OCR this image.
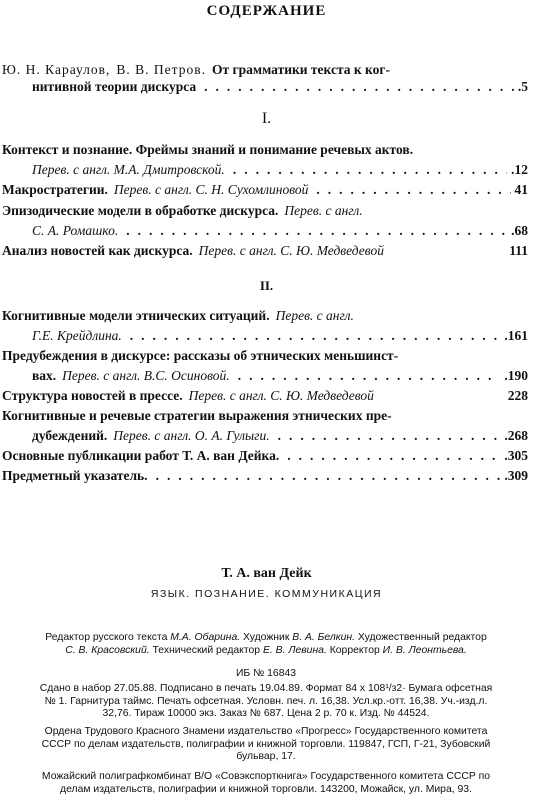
СОДЕРЖАНИЕ
Ю. Н. Караулов, В. В. Петров. От грамматики текста к ког-
нитивной теории дискурса .....	.5
I.
Контекст и познание. Фреймы знаний и понимание речевых актов.
Перев. с англ. М.А. Дмитровской. .....	.12
Макростратегии. Перев. с англ. С. Н. Сухомлиновой .....	41
Эпизодические модели в обработке дискурса. Перев. с англ.
С. А. Ромашко. .....	.68
Анализ новостей как дискурса. Перев. с англ. С. Ю. Медведевой	111
II.
Когнитивные модели этнических ситуаций. Перев. с англ.
Г.Е. Крейдлина. .....	.161
Предубеждения в дискурсе: рассказы об этнических меньшинст-
вах. Перев. с англ. В.С. Осиновой. .....	.190
Структура новостей в прессе. Перев. с англ. С. Ю. Медведевой	228
Когнитивные и речевые стратегии выражения этнических пре-
дубеждений. Перев. с англ. О. А. Гулыги. .....	.268
Основные публикации работ Т. А. ван Дейка. .....	.305
Предметный указатель. .....	.309
Т. А. ван Дейк
ЯЗЫК. ПОЗНАНИЕ. КОММУНИКАЦИЯ
Редактор русского текста М.А. Обарина. Художник В. А. Белкин. Художественный редактор
С. В. Красовский. Технический редактор Е. В. Левина. Корректор И. В. Леонтьева.
ИБ № 16843
Сдано в набор 27.05.88. Подписано в печать 19.04.89. Формат 84 х 108¹/з2· Бумага офсетная
№ 1. Гарнитура таймс. Печать офсетная. Условн. печ. л. 16,38. Усл.кр.-отт. 16,38. Уч.-изд.л.
32,76. Тираж 10000 экз. Заказ № 687. Цена 2 р. 70 к. Изд. № 44524.
Ордена Трудового Красного Знамени издательство «Прогресс» Государственного комитета
СССР по делам издательств, полиграфии и книжной торговли. 119847, ГСП, Г-21, Зубовский
бульвар, 17.
Можайский полиграфкомбинат В/О «Совэкспорткнига» Государственного комитета СССР по
делам издательств, полиграфии и книжной торговли. 143200, Можайск, ул. Мира, 93.
